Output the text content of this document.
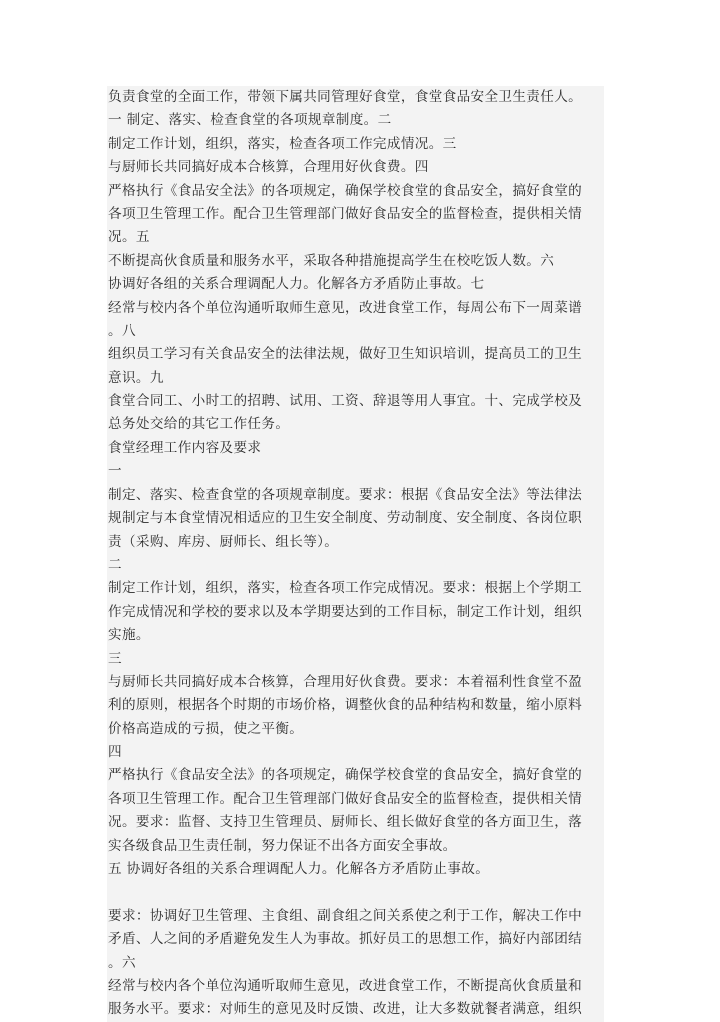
负责食堂的全面工作，带领下属共同管理好食堂，食堂食品安全卫生责任人。
一 制定、落实、检查食堂的各项规章制度。二
制定工作计划，组织，落实，检查各项工作完成情况。三
与厨师长共同搞好成本合核算，合理用好伙食费。四
严格执行《食品安全法》的各项规定，确保学校食堂的食品安全，搞好食堂的
各项卫生管理工作。配合卫生管理部门做好食品安全的监督检查，提供相关情
况。五
不断提高伙食质量和服务水平，采取各种措施提高学生在校吃饭人数。六
协调好各组的关系合理调配人力。化解各方矛盾防止事故。七
经常与校内各个单位沟通听取师生意见，改进食堂工作，每周公布下一周菜谱
。八
组织员工学习有关食品安全的法律法规，做好卫生知识培训，提高员工的卫生
意识。九
食堂合同工、小时工的招聘、试用、工资、辞退等用人事宜。十、完成学校及
总务处交给的其它工作任务。
食堂经理工作内容及要求
一
制定、落实、检查食堂的各项规章制度。要求：根据《食品安全法》等法律法
规制定与本食堂情况相适应的卫生安全制度、劳动制度、安全制度、各岗位职
责（采购、库房、厨师长、组长等）。
二
制定工作计划，组织，落实，检查各项工作完成情况。要求：根据上个学期工
作完成情况和学校的要求以及本学期要达到的工作目标，制定工作计划，组织
实施。
三
与厨师长共同搞好成本合核算，合理用好伙食费。要求：本着福利性食堂不盈
利的原则，根据各个时期的市场价格，调整伙食的品种结构和数量，缩小原料
价格高造成的亏损，使之平衡。
四
严格执行《食品安全法》的各项规定，确保学校食堂的食品安全，搞好食堂的
各项卫生管理工作。配合卫生管理部门做好食品安全的监督检查，提供相关情
况。要求：监督、支持卫生管理员、厨师长、组长做好食堂的各方面卫生，落
实各级食品卫生责任制，努力保证不出各方面安全事故。
五 协调好各组的关系合理调配人力。化解各方矛盾防止事故。
要求：协调好卫生管理、主食组、副食组之间关系使之利于工作，解决工作中
矛盾、人之间的矛盾避免发生人为事故。抓好员工的思想工作，搞好内部团结
。六
经常与校内各个单位沟通听取师生意见，改进食堂工作，不断提高伙食质量和
服务水平。要求：对师生的意见及时反馈、改进，让大多数就餐者满意，组织
